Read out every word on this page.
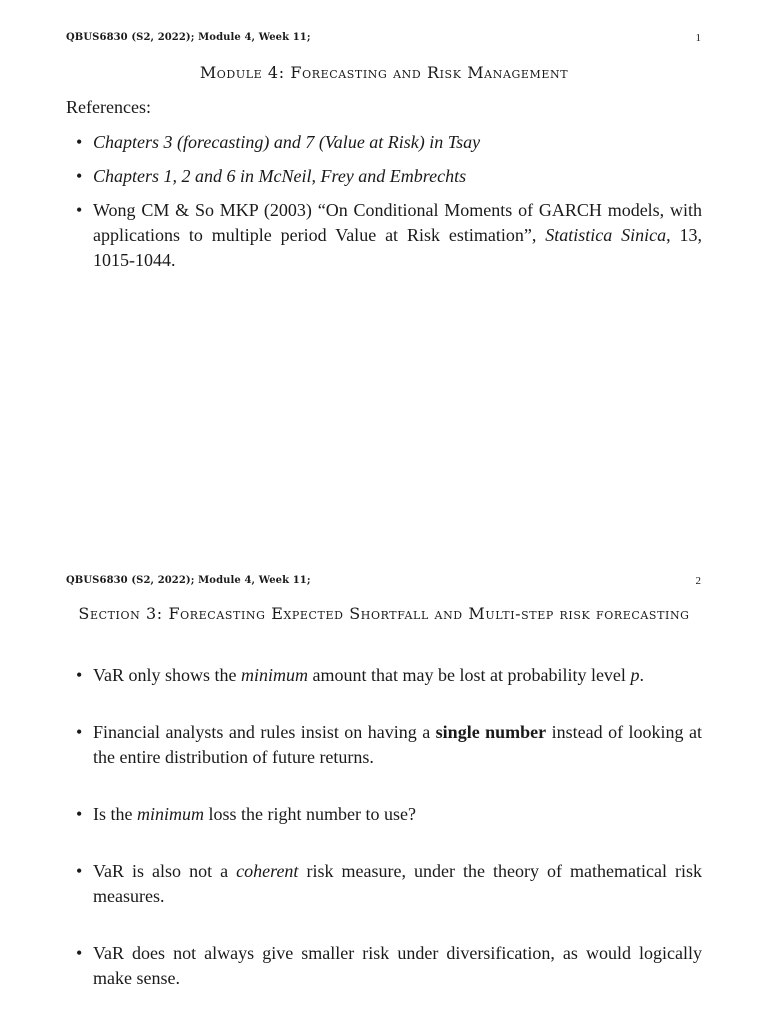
QBUS6830 (S2, 2022); Module 4, Week 11;	1
Module 4: Forecasting and Risk Management
References:
• Chapters 3 (forecasting) and 7 (Value at Risk) in Tsay
• Chapters 1, 2 and 6 in McNeil, Frey and Embrechts
• Wong CM & So MKP (2003) “On Conditional Moments of GARCH models, with applications to multiple period Value at Risk estimation”, Statistica Sinica, 13, 1015-1044.
QBUS6830 (S2, 2022); Module 4, Week 11;	2
Section 3: Forecasting Expected Shortfall and Multi-step risk forecasting
• VaR only shows the minimum amount that may be lost at probability level p.
• Financial analysts and rules insist on having a single number instead of looking at the entire distribution of future returns.
• Is the minimum loss the right number to use?
• VaR is also not a coherent risk measure, under the theory of mathematical risk measures.
• VaR does not always give smaller risk under diversification, as would logically make sense.
